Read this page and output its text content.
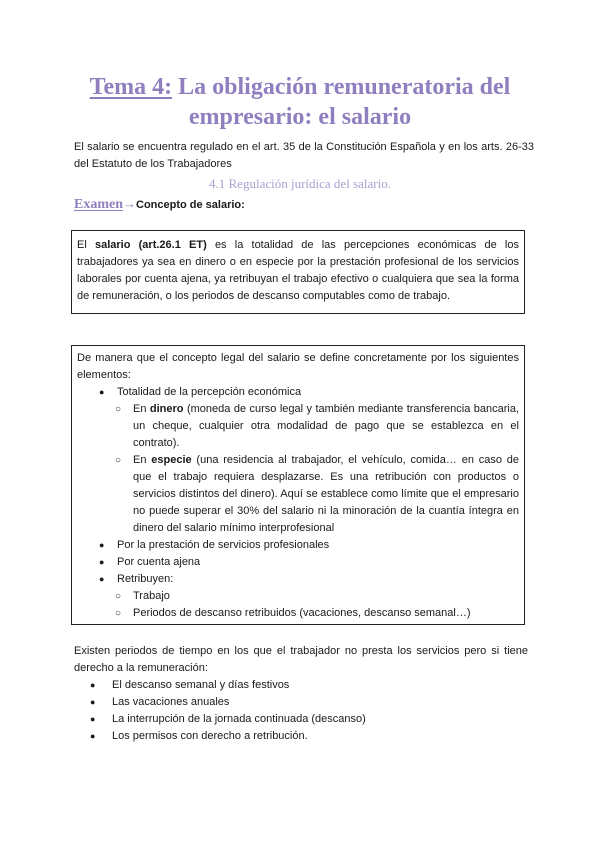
Tema 4: La obligación remuneratoria del empresario: el salario
El salario se encuentra regulado en el art. 35 de la Constitución Española y en los arts. 26-33 del Estatuto de los Trabajadores
4.1 Regulación jurídica del salario.
Examen→Concepto de salario:
El salario (art.26.1 ET) es la totalidad de las percepciones económicas de los trabajadores ya sea en dinero o en especie por la prestación profesional de los servicios laborales por cuenta ajena, ya retribuyan el trabajo efectivo o cualquiera que sea la forma de remuneración, o los periodos de descanso computables como de trabajo.
De manera que el concepto legal del salario se define concretamente por los siguientes elementos:
● Totalidad de la percepción económica
○ En dinero (moneda de curso legal y también mediante transferencia bancaria, un cheque, cualquier otra modalidad de pago que se establezca en el contrato).
○ En especie (una residencia al trabajador, el vehículo, comida… en caso de que el trabajo requiera desplazarse. Es una retribución con productos o servicios distintos del dinero). Aquí se establece como límite que el empresario no puede superar el 30% del salario ni la minoración de la cuantía íntegra en dinero del salario mínimo interprofesional
● Por la prestación de servicios profesionales
● Por cuenta ajena
● Retribuyen:
○ Trabajo
○ Periodos de descanso retribuidos (vacaciones, descanso semanal…)

Existen periodos de tiempo en los que el trabajador no presta los servicios pero si tiene derecho a la remuneración:

● El descanso semanal y días festivos
● Las vacaciones anuales
● La interrupción de la jornada continuada (descanso)
● Los permisos con derecho a retribución.
